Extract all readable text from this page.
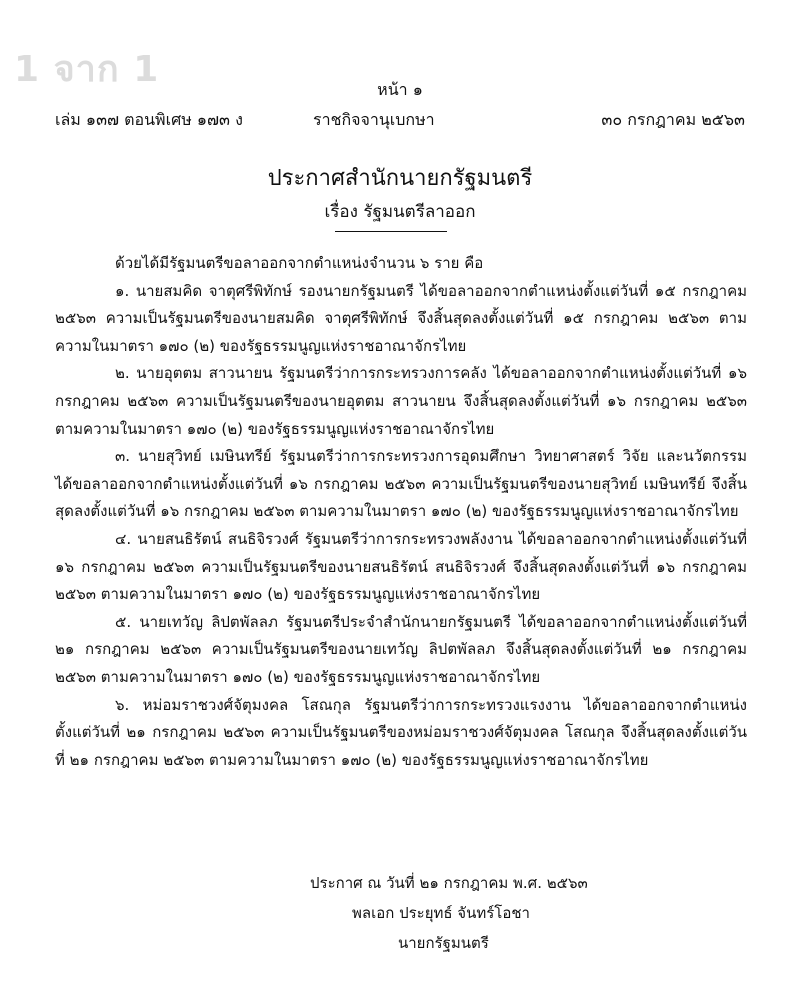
1 จาก 1	หน้า ๑
เล่ม ๑๓๗ ตอนพิเศษ ๑๗๓ ง	ราชกิจจานุเบกษา	๓๐ กรกฎาคม ๒๕๖๓
ประกาศสำนักนายกรัฐมนตรี
เรื่อง รัฐมนตรีลาออก

ด้วยได้มีรัฐมนตรีขอลาออกจากตำแหน่งจำนวน ๖ ราย คือ

๑. นายสมคิด จาตุศรีพิทักษ์ รองนายกรัฐมนตรี ได้ขอลาออกจากตำแหน่งตั้งแต่วันที่ ๑๕ กรกฎาคม ๒๕๖๓ ความเป็นรัฐมนตรีของนายสมคิด จาตุศรีพิทักษ์ จึงสิ้นสุดลงตั้งแต่วันที่ ๑๕ กรกฎาคม ๒๕๖๓ ตามความในมาตรา ๑๗๐ (๒) ของรัฐธรรมนูญแห่งราชอาณาจักรไทย

๒. นายอุตตม สาวนายน รัฐมนตรีว่าการกระทรวงการคลัง ได้ขอลาออกจากตำแหน่งตั้งแต่วันที่ ๑๖ กรกฎาคม ๒๕๖๓ ความเป็นรัฐมนตรีของนายอุตตม สาวนายน จึงสิ้นสุดลงตั้งแต่วันที่ ๑๖ กรกฎาคม ๒๕๖๓ ตามความในมาตรา ๑๗๐ (๒) ของรัฐธรรมนูญแห่งราชอาณาจักรไทย

๓. นายสุวิทย์ เมษินทรีย์ รัฐมนตรีว่าการกระทรวงการอุดมศึกษา วิทยาศาสตร์ วิจัย และนวัตกรรม ได้ขอลาออกจากตำแหน่งตั้งแต่วันที่ ๑๖ กรกฎาคม ๒๕๖๓ ความเป็นรัฐมนตรีของนายสุวิทย์ เมษินทรีย์ จึงสิ้นสุดลงตั้งแต่วันที่ ๑๖ กรกฎาคม ๒๕๖๓ ตามความในมาตรา ๑๗๐ (๒) ของรัฐธรรมนูญแห่งราชอาณาจักรไทย

๔. นายสนธิรัตน์ สนธิจิรวงศ์ รัฐมนตรีว่าการกระทรวงพลังงาน ได้ขอลาออกจากตำแหน่งตั้งแต่วันที่ ๑๖ กรกฎาคม ๒๕๖๓ ความเป็นรัฐมนตรีของนายสนธิรัตน์ สนธิจิรวงศ์ จึงสิ้นสุดลงตั้งแต่วันที่ ๑๖ กรกฎาคม ๒๕๖๓ ตามความในมาตรา ๑๗๐ (๒) ของรัฐธรรมนูญแห่งราชอาณาจักรไทย

๕. นายเทวัญ ลิปตพัลลภ รัฐมนตรีประจำสำนักนายกรัฐมนตรี ได้ขอลาออกจากตำแหน่งตั้งแต่วันที่ ๒๑ กรกฎาคม ๒๕๖๓ ความเป็นรัฐมนตรีของนายเทวัญ ลิปตพัลลภ จึงสิ้นสุดลงตั้งแต่วันที่ ๒๑ กรกฎาคม ๒๕๖๓ ตามความในมาตรา ๑๗๐ (๒) ของรัฐธรรมนูญแห่งราชอาณาจักรไทย

๖. หม่อมราชวงศ์จัตุมงคล โสณกุล รัฐมนตรีว่าการกระทรวงแรงงาน ได้ขอลาออกจากตำแหน่งตั้งแต่วันที่ ๒๑ กรกฎาคม ๒๕๖๓ ความเป็นรัฐมนตรีของหม่อมราชวงศ์จัตุมงคล โสณกุล จึงสิ้นสุดลงตั้งแต่วันที่ ๒๑ กรกฎาคม ๒๕๖๓ ตามความในมาตรา ๑๗๐ (๒) ของรัฐธรรมนูญแห่งราชอาณาจักรไทย

ประกาศ ณ วันที่ ๒๑ กรกฎาคม พ.ศ. ๒๕๖๓
พลเอก ประยุทธ์ จันทร์โอชา
นายกรัฐมนตรี
